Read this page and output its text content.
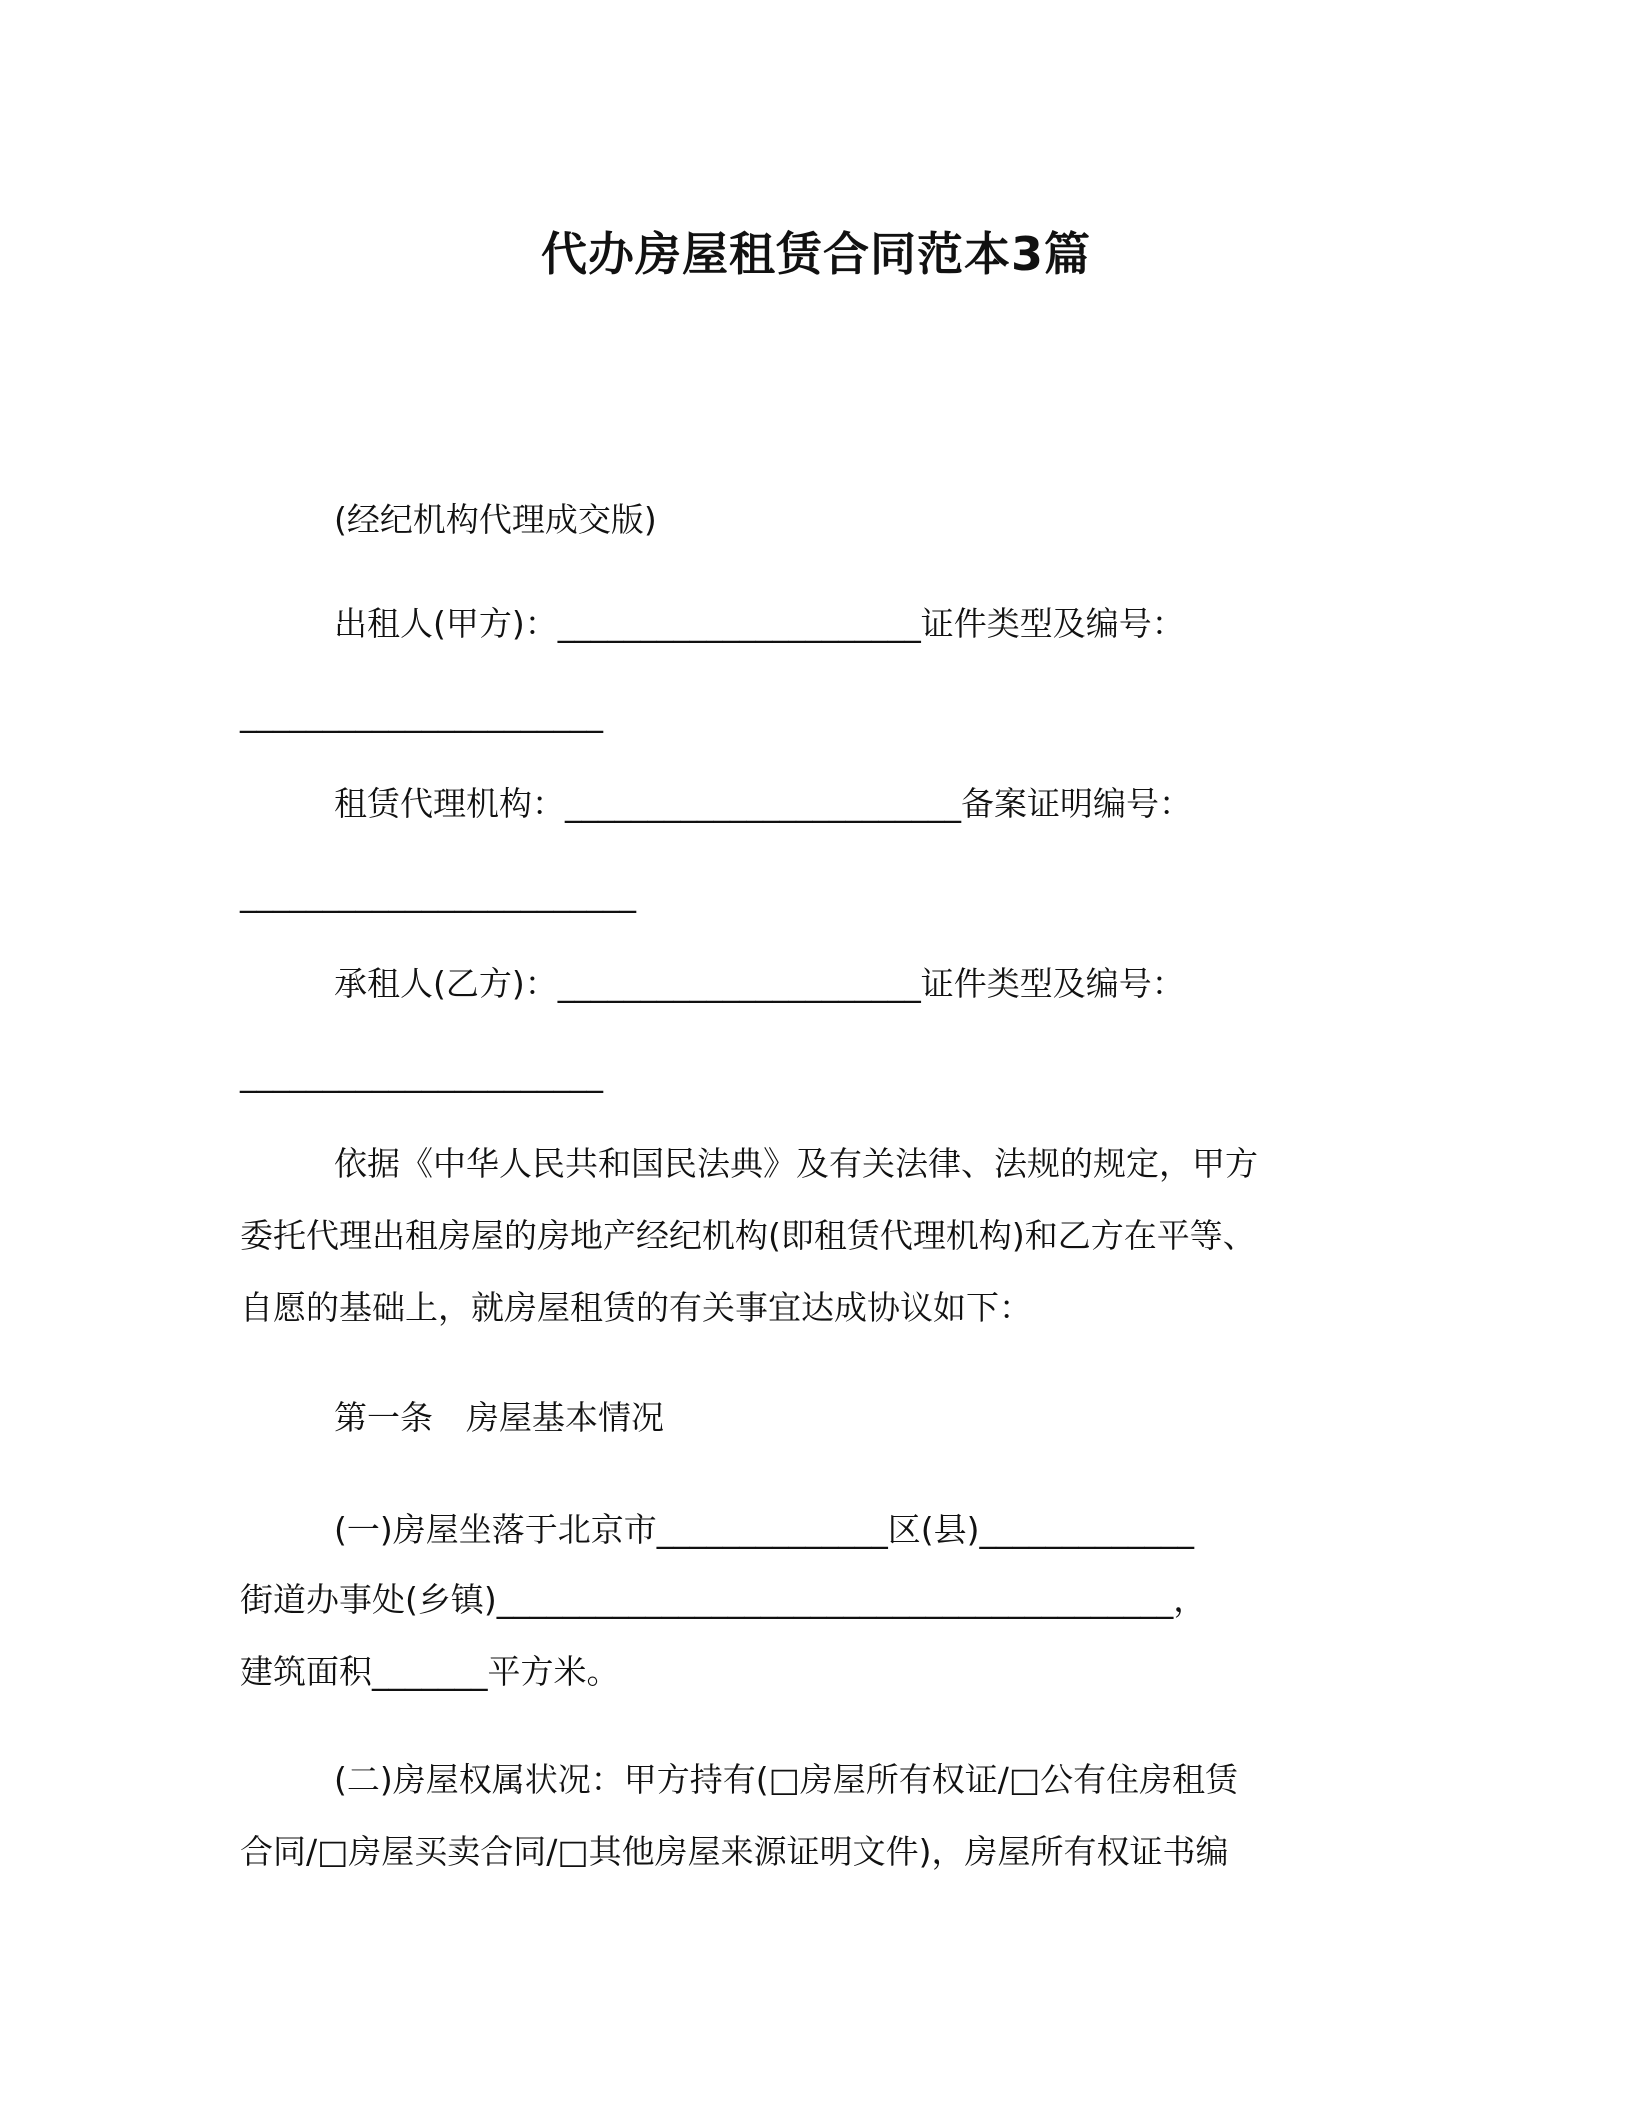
代办房屋租赁合同范本3篇
(经纪机构代理成交版)
出租人(甲方)：______________________证件类型及编号：
______________________
租赁代理机构：________________________备案证明编号：
________________________
承租人(乙方)：______________________证件类型及编号：
______________________
依据《中华人民共和国民法典》及有关法律、法规的规定，甲方
委托代理出租房屋的房地产经纪机构(即租赁代理机构)和乙方在平等、
自愿的基础上，就房屋租赁的有关事宜达成协议如下：
第一条　房屋基本情况
(一)房屋坐落于北京市______________区(县)_____________
街道办事处(乡镇)_________________________________________，
建筑面积_______平方米。
(二)房屋权属状况：甲方持有(□房屋所有权证/□公有住房租赁
合同/□房屋买卖合同/□其他房屋来源证明文件)，房屋所有权证书编
